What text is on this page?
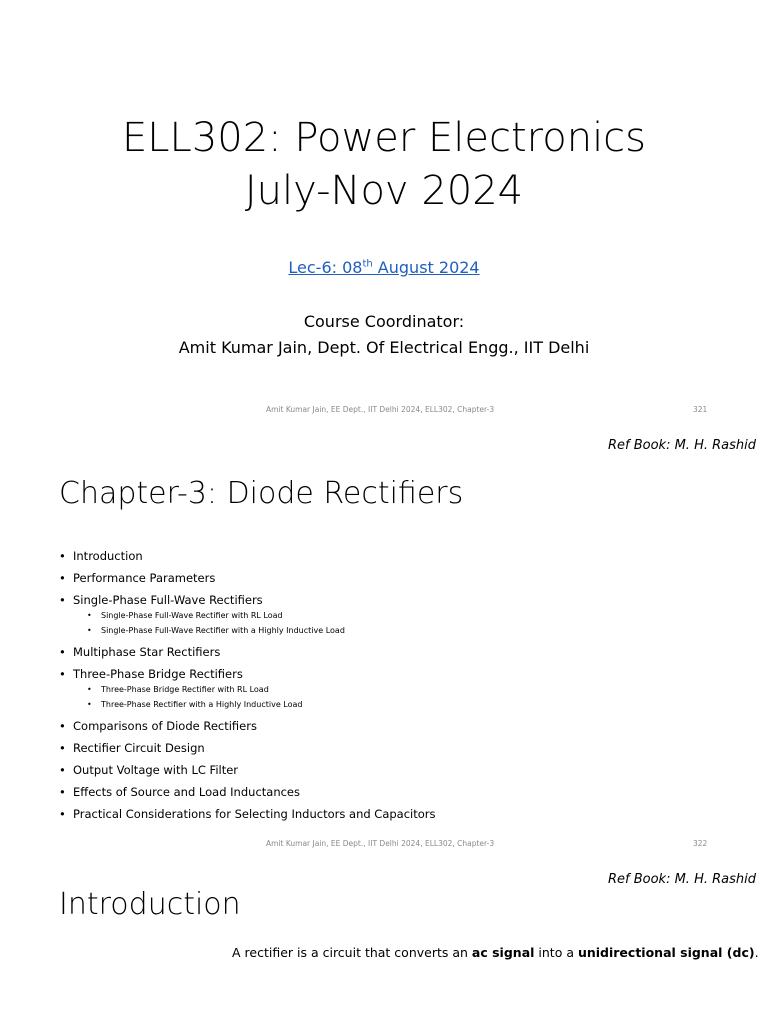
ELL302: Power Electronics
July-Nov 2024
Lec-6: 08th August 2024
Course Coordinator:
Amit Kumar Jain, Dept. Of Electrical Engg., IIT Delhi
Amit Kumar Jain, EE Dept., IIT Delhi 2024, ELL302, Chapter-3	321
Ref Book: M. H. Rashid
Chapter-3: Diode Rectifiers
• Introduction
• Performance Parameters
• Single-Phase Full-Wave Rectifiers
• Single-Phase Full-Wave Rectifier with RL Load
• Single-Phase Full-Wave Rectifier with a Highly Inductive Load
• Multiphase Star Rectifiers
• Three-Phase Bridge Rectifiers
• Three-Phase Bridge Rectifier with RL Load
• Three-Phase Rectifier with a Highly Inductive Load
• Comparisons of Diode Rectifiers
• Rectifier Circuit Design
• Output Voltage with LC Filter
• Effects of Source and Load Inductances
• Practical Considerations for Selecting Inductors and Capacitors
Amit Kumar Jain, EE Dept., IIT Delhi 2024, ELL302, Chapter-3	322
Ref Book: M. H. Rashid
Introduction
A rectifier is a circuit that converts an ac signal into a unidirectional signal (dc).
